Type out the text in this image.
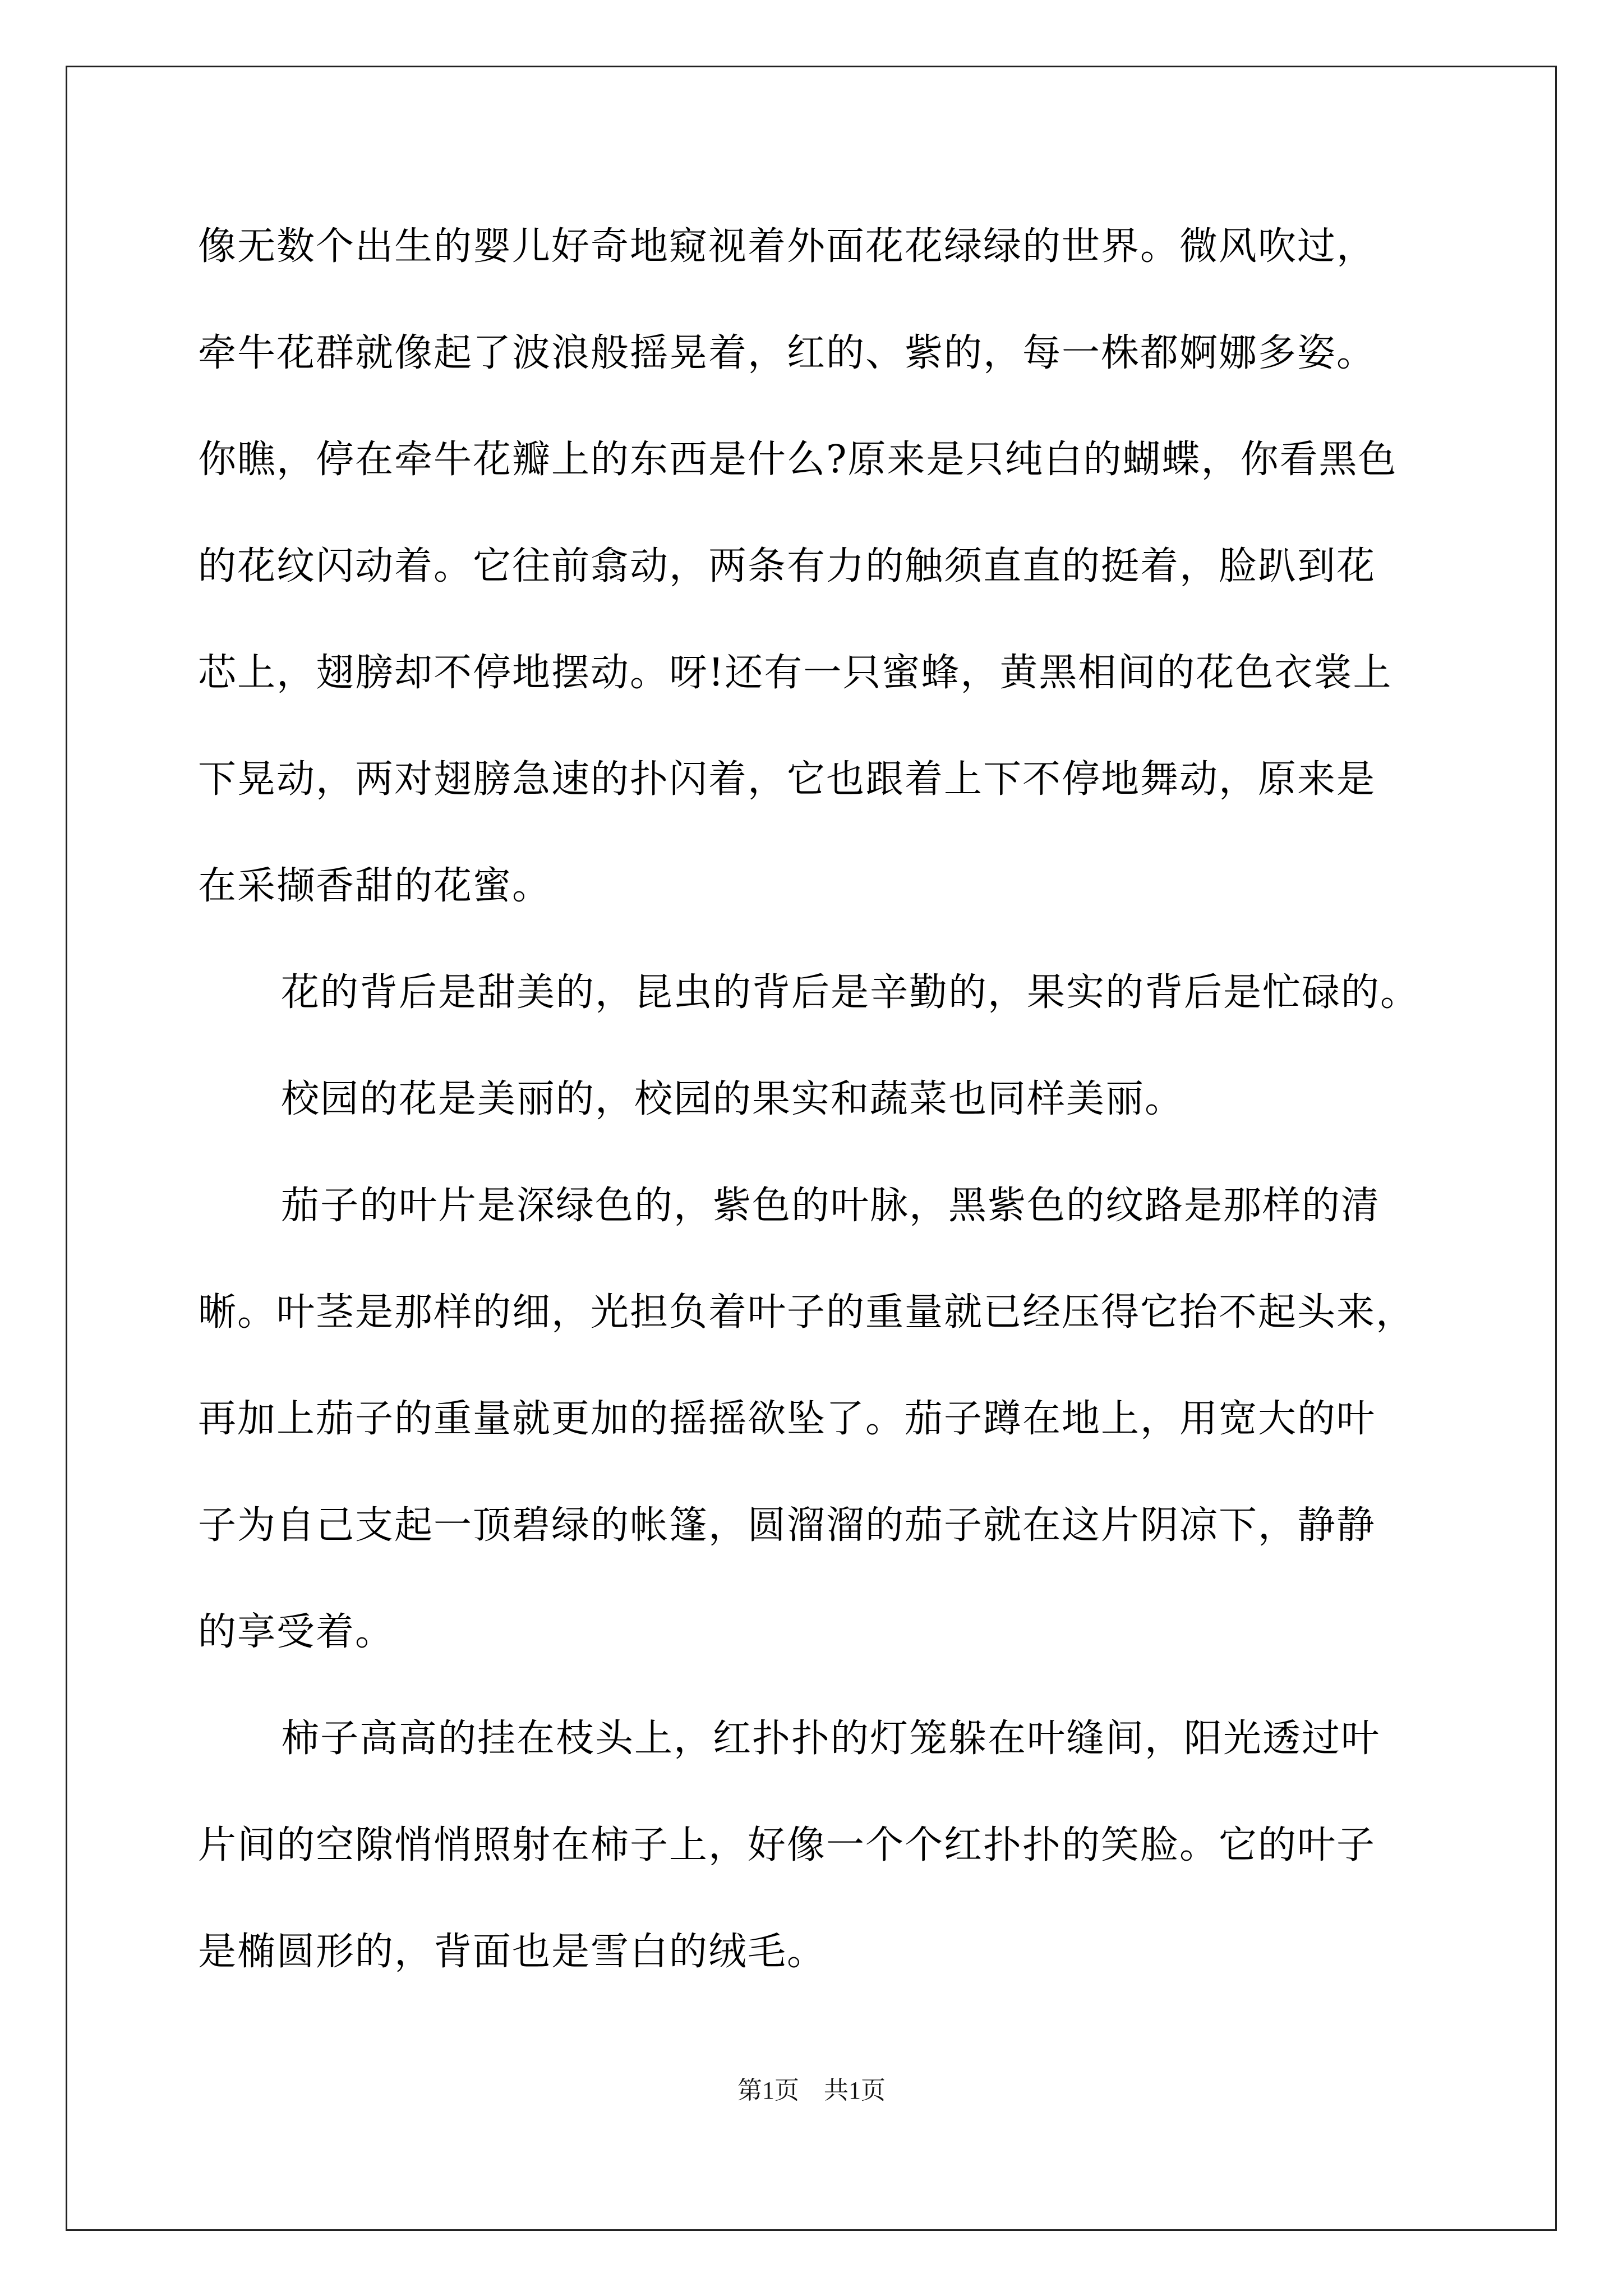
像无数个出生的婴儿好奇地窥视着外面花花绿绿的世界。微风吹过，
牵牛花群就像起了波浪般摇晃着，红的、紫的，每一株都婀娜多姿。
你瞧，停在牵牛花瓣上的东西是什么?原来是只纯白的蝴蝶，你看黑色
的花纹闪动着。它往前翕动，两条有力的触须直直的挺着，脸趴到花
芯上，翅膀却不停地摆动。呀!还有一只蜜蜂，黄黑相间的花色衣裳上
下晃动，两对翅膀急速的扑闪着，它也跟着上下不停地舞动，原来是
在采撷香甜的花蜜。
花的背后是甜美的，昆虫的背后是辛勤的，果实的背后是忙碌的。
校园的花是美丽的，校园的果实和蔬菜也同样美丽。
茄子的叶片是深绿色的，紫色的叶脉，黑紫色的纹路是那样的清
晰。叶茎是那样的细，光担负着叶子的重量就已经压得它抬不起头来，
再加上茄子的重量就更加的摇摇欲坠了。茄子蹲在地上，用宽大的叶
子为自己支起一顶碧绿的帐篷，圆溜溜的茄子就在这片阴凉下，静静
的享受着。
柿子高高的挂在枝头上，红扑扑的灯笼躲在叶缝间，阳光透过叶
片间的空隙悄悄照射在柿子上，好像一个个红扑扑的笑脸。它的叶子
是椭圆形的，背面也是雪白的绒毛。
第1页　共1页
